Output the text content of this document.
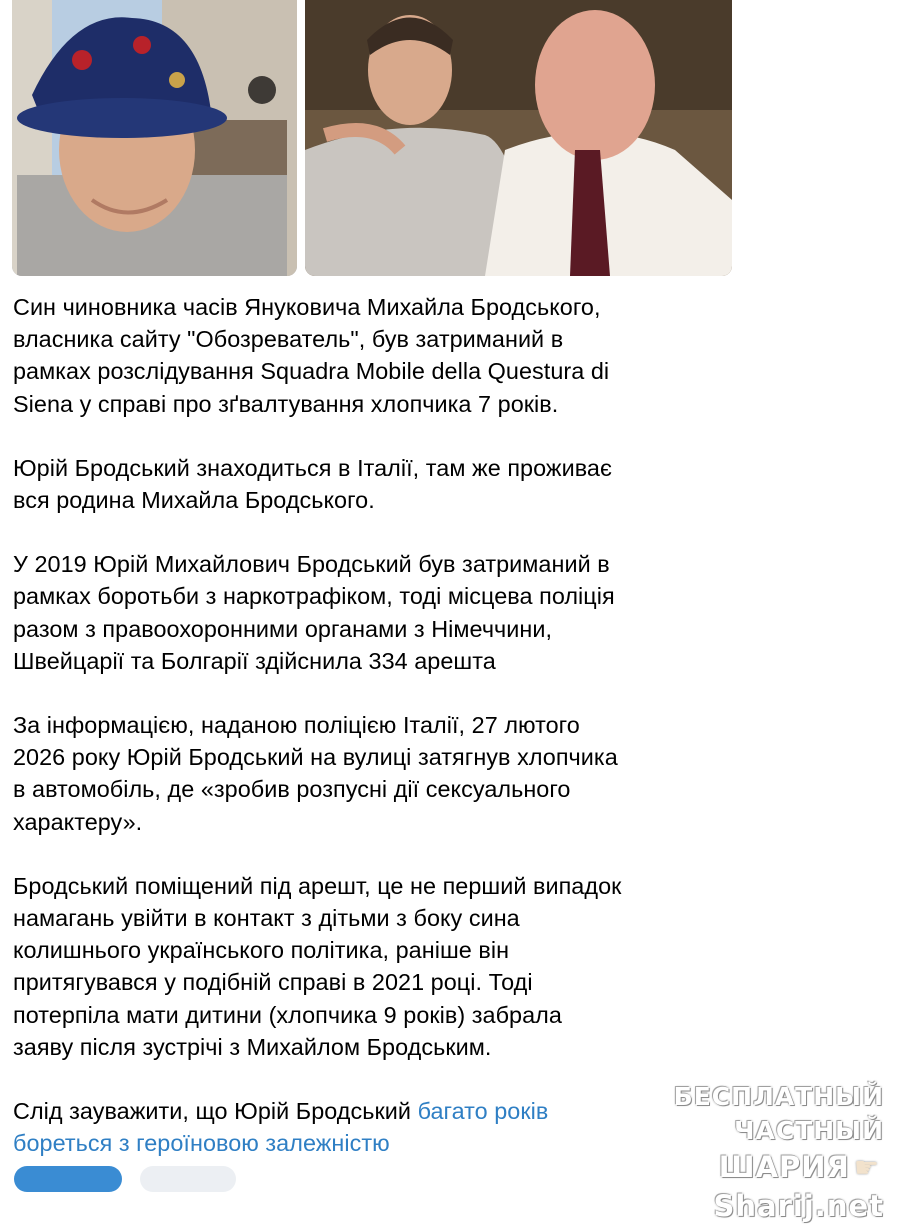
Син чиновника часів Януковича Михайла Бродського,
власника сайту "Обозреватель", був затриманий в
рамках розслідування Squadra Mobile della Questura di
Siena у справі про зґвалтування хлопчика 7 років.

Юрій Бродський знаходиться в Італії, там же проживає
вся родина Михайла Бродського.

У 2019 Юрій Михайлович Бродський був затриманий в
рамках боротьби з наркотрафіком, тоді місцева поліція
разом з правоохоронними органами з Німеччини,
Швейцарії та Болгарії здійснила 334 арешта

За інформацією, наданою поліцією Італії, 27 лютого
2026 року Юрій Бродський на вулиці затягнув хлопчика
в автомобіль, де «зробив розпусні дії сексуального
характеру».

Бродський поміщений під арешт, це не перший випадок
намагань увійти в контакт з дітьми з боку сина
колишнього українського політика, раніше він
притягувався у подібній справі в 2021 році. Тоді
потерпіла мати дитини (хлопчика 9 років) забрала
заяву після зустрічі з Михайлом Бродським.

Слід зауважити, що Юрій Бродський багато років
бореться з героїновою залежністю

БЕСПЛАТНЫЙ ЧАСТНЫЙ
ШАРИЯ ☛Sharij.net
